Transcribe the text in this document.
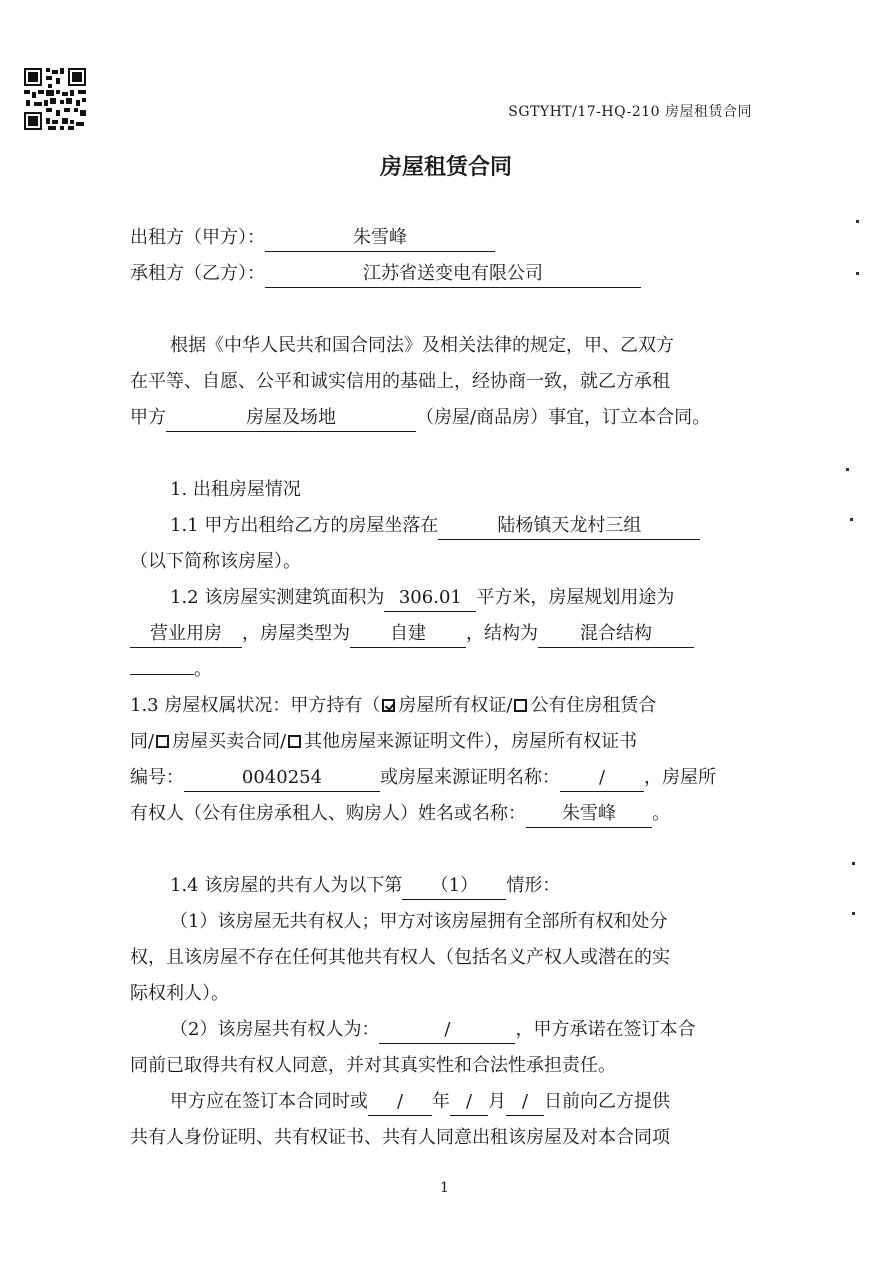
SGTYHT/17-HQ-210 房屋租赁合同
房屋租赁合同
出租方（甲方）：	朱雪峰
承租方（乙方）：	江苏省送变电有限公司
根据《中华人民共和国合同法》及相关法律的规定，甲、乙双方
在平等、自愿、公平和诚实信用的基础上，经协商一致，就乙方承租
甲方	房屋及场地	（房屋/商品房）事宜，订立本合同。
1. 出租房屋情况
1.1 甲方出租给乙方的房屋坐落在	陆杨镇天龙村三组
（以下简称该房屋）。
1.2 该房屋实测建筑面积为 306.01 平方米，房屋规划用途为
营业用房 ，房屋类型为 自建 ，结构为 混合结构
。
1.3 房屋权属状况：甲方持有（ 房屋所有权证/ 公有住房租赁合
同/ 房屋买卖合同/ 其他房屋来源证明文件），房屋所有权证书
编号：	0040254	或房屋来源证明名称： / ，房屋所
有权人（公有住房承租人、购房人）姓名或名称： 朱雪峰 。
1.4 该房屋的共有人为以下第 （1） 情形：
（1）该房屋无共有权人；甲方对该房屋拥有全部所有权和处分
权，且该房屋不存在任何其他共有权人（包括名义产权人或潜在的实
际权利人）。
（2）该房屋共有权人为：	/	，甲方承诺在签订本合
同前已取得共有权人同意，并对其真实性和合法性承担责任。
甲方应在签订本合同时或 / 年 / 月 / 日前向乙方提供
共有人身份证明、共有权证书、共有人同意出租该房屋及对本合同项
1
